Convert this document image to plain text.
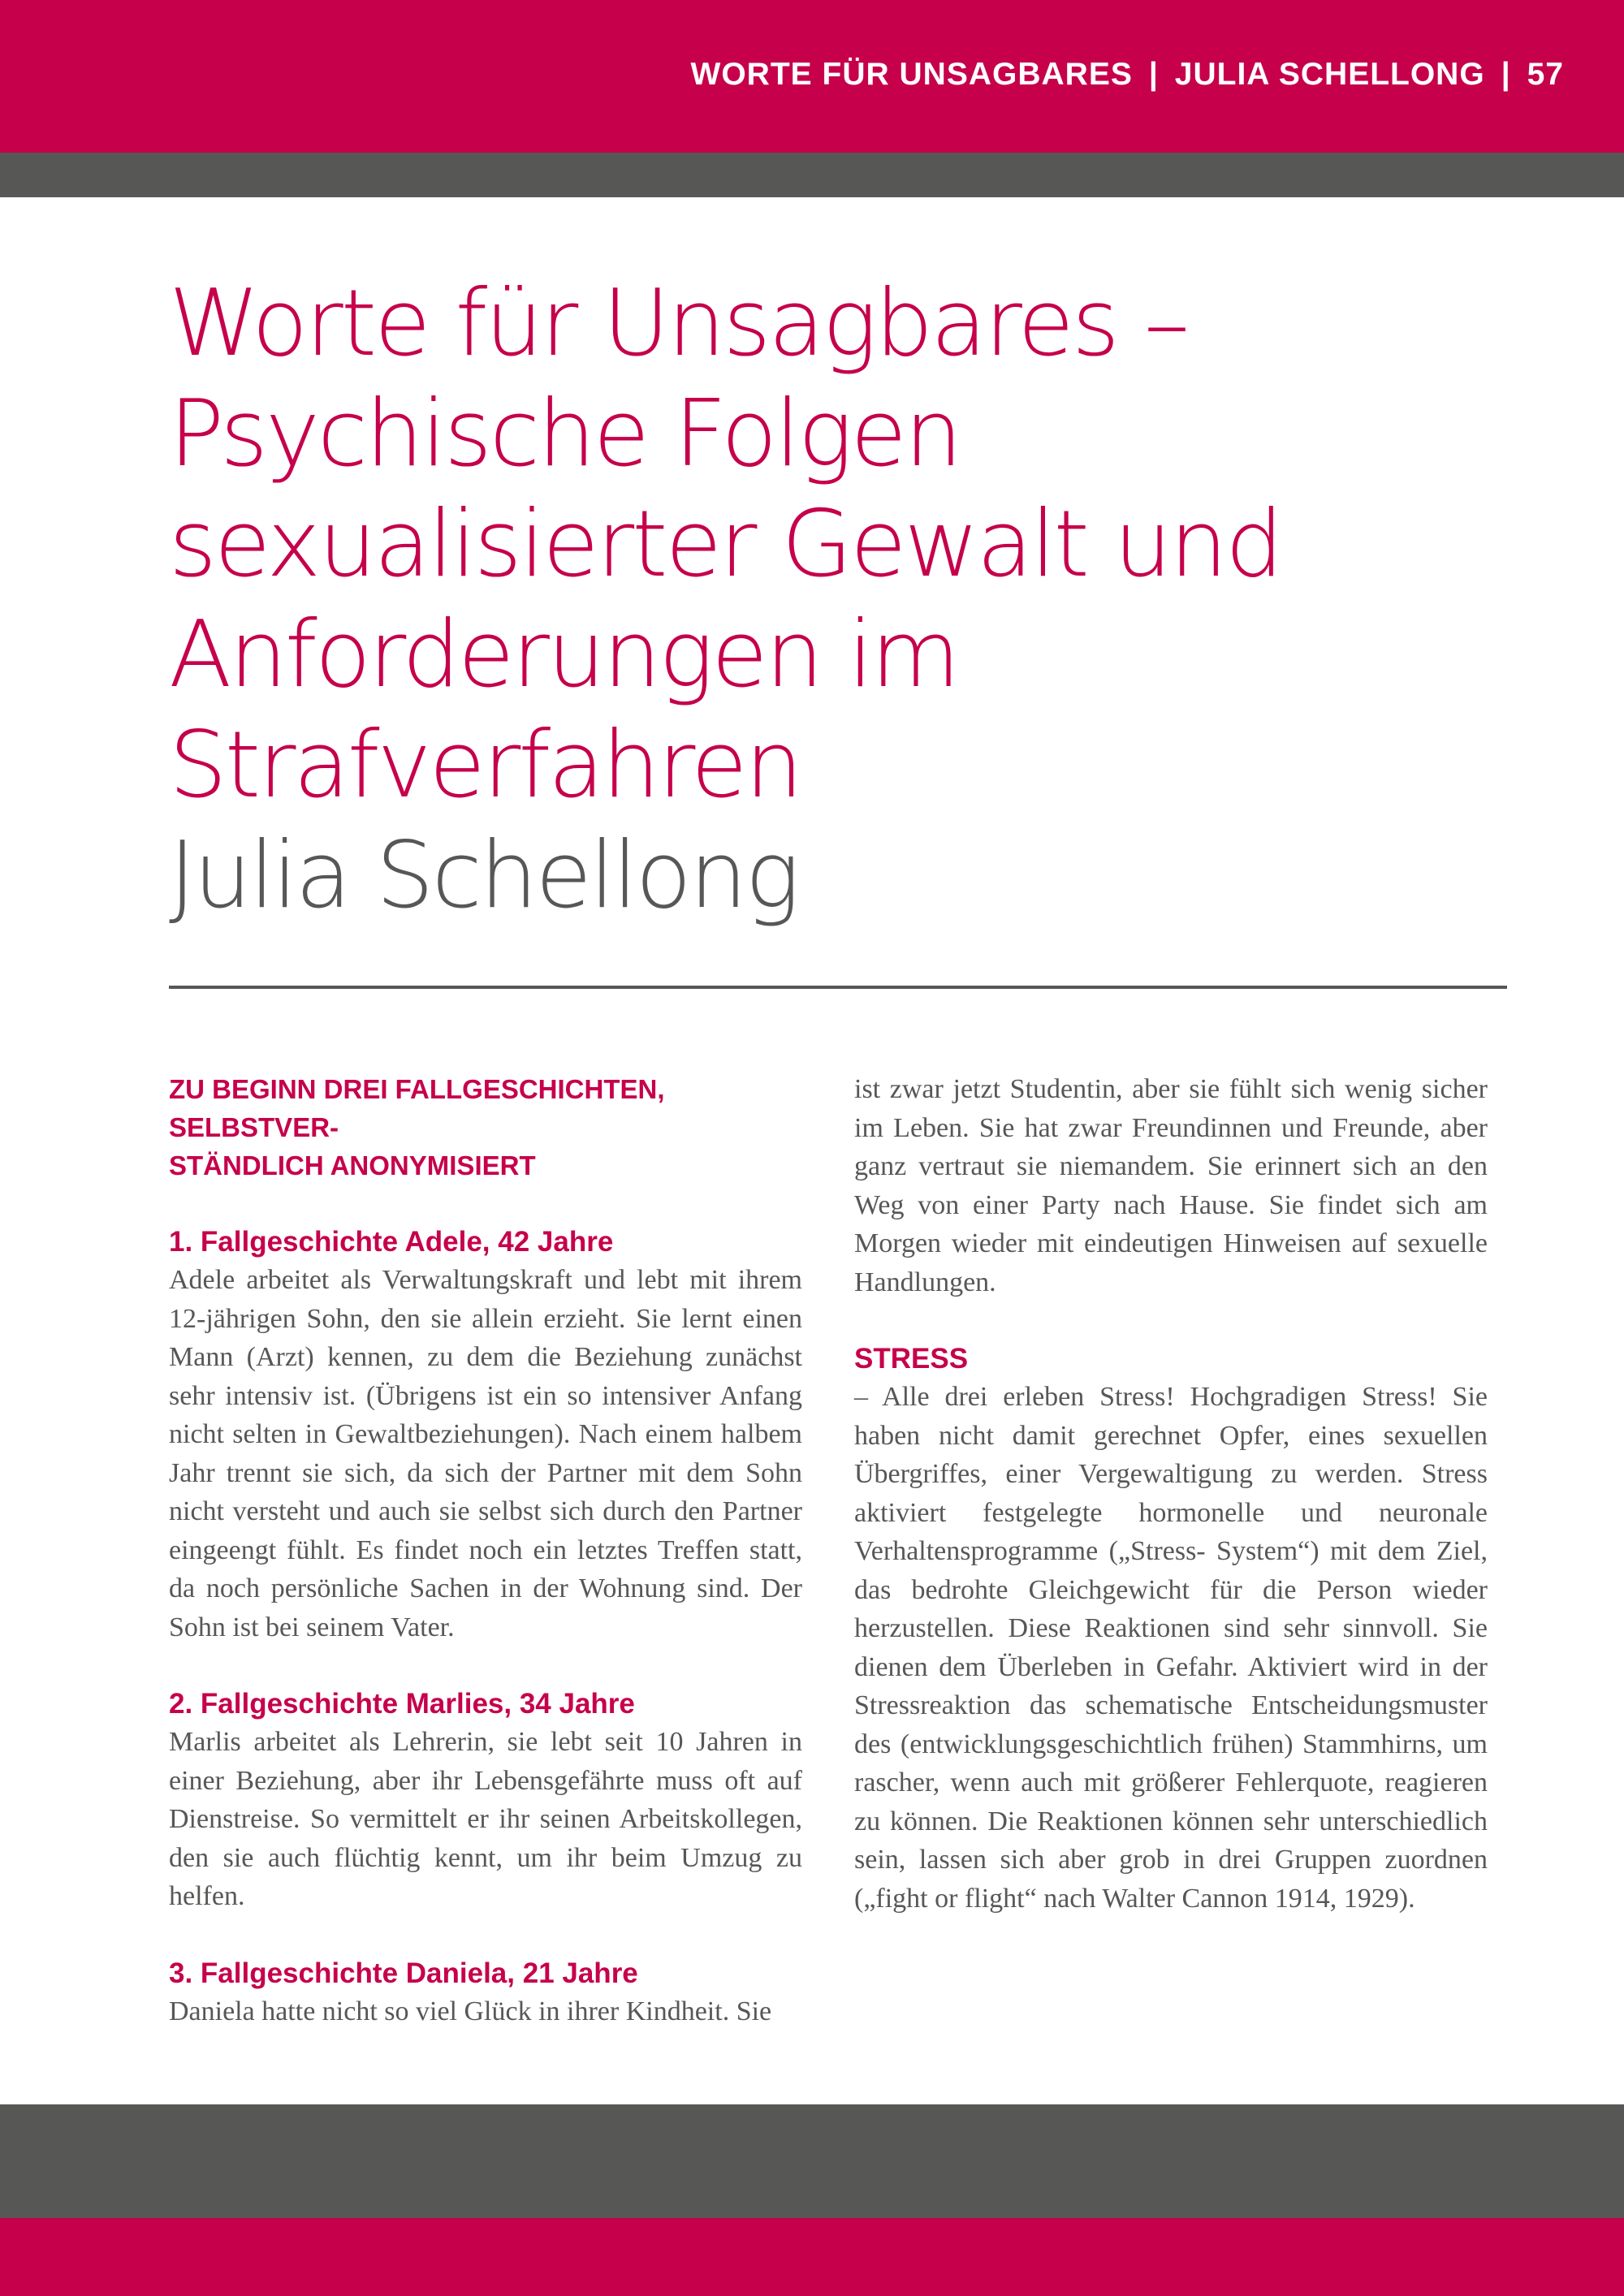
WORTE FÜR UNSAGBARES | JULIA SCHELLONG | 57
Worte für Unsagbares –
Psychische Folgen
sexualisierter Gewalt und
Anforderungen im
Strafverfahren
Julia Schellong

ZU BEGINN DREI FALLGESCHICHTEN, SELBSTVER-

STÄNDLICH ANONYMISIERT

1. Fallgeschichte Adele, 42 Jahre

Adele arbeitet als Verwaltungskraft und lebt mit ihrem 12-jährigen Sohn, den sie allein erzieht. Sie lernt einen Mann (Arzt) kennen, zu dem die Beziehung zunächst sehr intensiv ist. (Übrigens ist ein so intensiver Anfang nicht selten in Gewaltbeziehungen). Nach einem halbem Jahr trennt sie sich, da sich der Partner mit dem Sohn nicht versteht und auch sie selbst sich durch den Partner eingeengt fühlt. Es findet noch ein letztes Treffen statt, da noch persönliche Sachen in der Wohnung sind. Der Sohn ist bei seinem Vater.

2. Fallgeschichte Marlies, 34 Jahre

Marlis arbeitet als Lehrerin, sie lebt seit 10 Jahren in einer Beziehung, aber ihr Lebensgefährte muss oft auf Dienstreise. So vermittelt er ihr seinen Arbeitskollegen, den sie auch flüchtig kennt, um ihr beim Umzug zu helfen.

3. Fallgeschichte Daniela, 21 Jahre

Daniela hatte nicht so viel Glück in ihrer Kindheit. Sie

ist zwar jetzt Studentin, aber sie fühlt sich wenig sicher im Leben. Sie hat zwar Freundinnen und Freunde, aber ganz vertraut sie niemandem. Sie erinnert sich an den Weg von einer Party nach Hause. Sie findet sich am Morgen wieder mit eindeutigen Hinweisen auf sexuelle Handlungen.

STRESS

– Alle drei erleben Stress! Hochgradigen Stress! Sie haben nicht damit gerechnet Opfer, eines sexuellen Übergriffes, einer Vergewaltigung zu werden. Stress aktiviert festgelegte hormonelle und neuronale Verhaltensprogramme („Stress- System“) mit dem Ziel, das bedrohte Gleichgewicht für die Person wieder herzustellen. Diese Reaktionen sind sehr sinnvoll. Sie dienen dem Überleben in Gefahr. Aktiviert wird in der Stressreaktion das schematische Entscheidungsmuster des (entwicklungsgeschichtlich frühen) Stammhirns, um rascher, wenn auch mit größerer Fehlerquote, reagieren zu können. Die Reaktionen können sehr unterschiedlich sein, lassen sich aber grob in drei Gruppen zuordnen („fight or flight“ nach Walter Cannon 1914, 1929).
